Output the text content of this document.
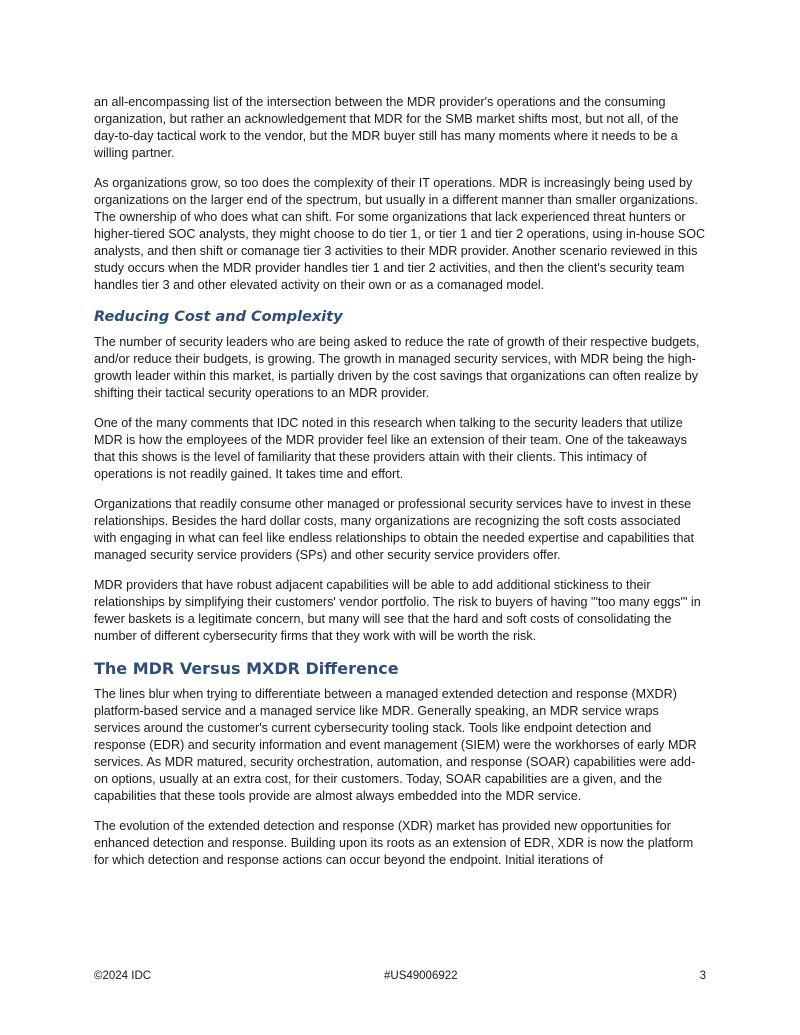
an all-encompassing list of the intersection between the MDR provider's operations and the consuming organization, but rather an acknowledgement that MDR for the SMB market shifts most, but not all, of the day-to-day tactical work to the vendor, but the MDR buyer still has many moments where it needs to be a willing partner.

As organizations grow, so too does the complexity of their IT operations. MDR is increasingly being used by organizations on the larger end of the spectrum, but usually in a different manner than smaller organizations. The ownership of who does what can shift. For some organizations that lack experienced threat hunters or higher-tiered SOC analysts, they might choose to do tier 1, or tier 1 and tier 2 operations, using in-house SOC analysts, and then shift or comanage tier 3 activities to their MDR provider. Another scenario reviewed in this study occurs when the MDR provider handles tier 1 and tier 2 activities, and then the client's security team handles tier 3 and other elevated activity on their own or as a comanaged model.

Reducing Cost and Complexity

The number of security leaders who are being asked to reduce the rate of growth of their respective budgets, and/or reduce their budgets, is growing. The growth in managed security services, with MDR being the high-growth leader within this market, is partially driven by the cost savings that organizations can often realize by shifting their tactical security operations to an MDR provider.

One of the many comments that IDC noted in this research when talking to the security leaders that utilize MDR is how the employees of the MDR provider feel like an extension of their team. One of the takeaways that this shows is the level of familiarity that these providers attain with their clients. This intimacy of operations is not readily gained. It takes time and effort.

Organizations that readily consume other managed or professional security services have to invest in these relationships. Besides the hard dollar costs, many organizations are recognizing the soft costs associated with engaging in what can feel like endless relationships to obtain the needed expertise and capabilities that managed security service providers (SPs) and other security service providers offer.

MDR providers that have robust adjacent capabilities will be able to add additional stickiness to their relationships by simplifying their customers' vendor portfolio. The risk to buyers of having "'too many eggs'" in fewer baskets is a legitimate concern, but many will see that the hard and soft costs of consolidating the number of different cybersecurity firms that they work with will be worth the risk.

The MDR Versus MXDR Difference

The lines blur when trying to differentiate between a managed extended detection and response (MXDR) platform-based service and a managed service like MDR. Generally speaking, an MDR service wraps services around the customer's current cybersecurity tooling stack. Tools like endpoint detection and response (EDR) and security information and event management (SIEM) were the workhorses of early MDR services. As MDR matured, security orchestration, automation, and response (SOAR) capabilities were add-on options, usually at an extra cost, for their customers. Today, SOAR capabilities are a given, and the capabilities that these tools provide are almost always embedded into the MDR service.

The evolution of the extended detection and response (XDR) market has provided new opportunities for enhanced detection and response. Building upon its roots as an extension of EDR, XDR is now the platform for which detection and response actions can occur beyond the endpoint. Initial iterations of

©2024 IDC	#US49006922	3
